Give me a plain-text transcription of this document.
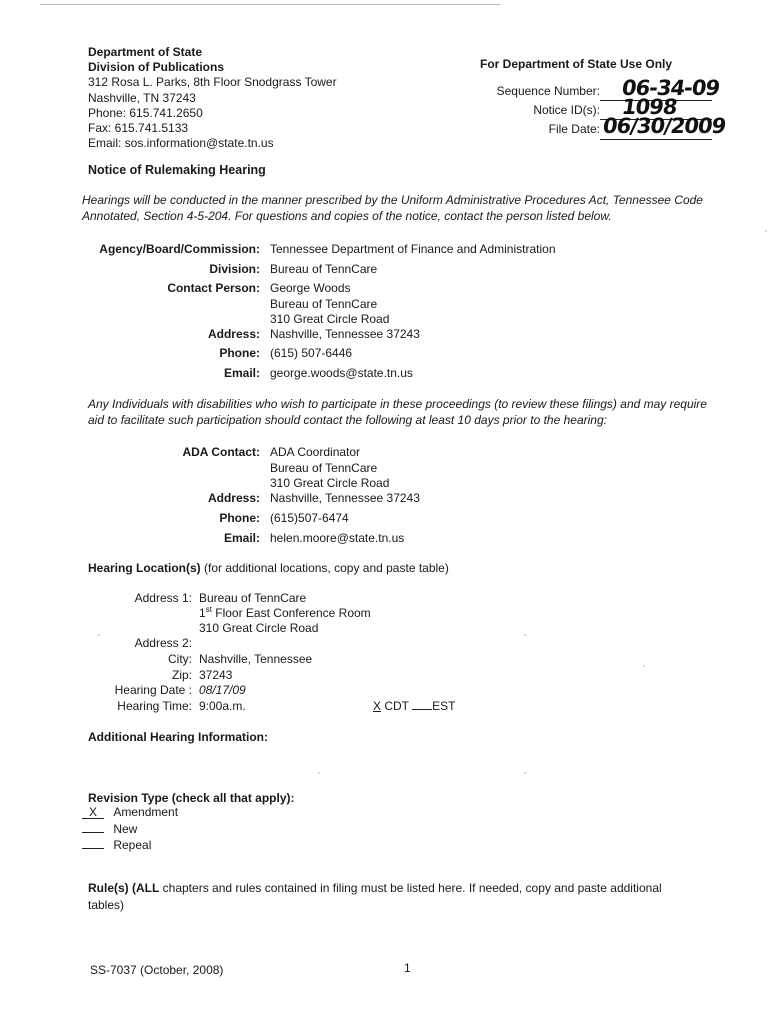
Department of State
Division of Publications
312 Rosa L. Parks, 8th Floor Snodgrass Tower
Nashville, TN 37243
Phone: 615.741.2650
Fax: 615.741.5133
Email: sos.information@state.tn.us
For Department of State Use Only
Sequence Number: 06-34-09
Notice ID(s): 1098
File Date: 06/30/2009
Notice of Rulemaking Hearing
Hearings will be conducted in the manner prescribed by the Uniform Administrative Procedures Act, Tennessee Code Annotated, Section 4-5-204. For questions and copies of the notice, contact the person listed below.
Agency/Board/Commission: Tennessee Department of Finance and Administration
Division: Bureau of TennCare
Contact Person: George Woods
Bureau of TennCare
310 Great Circle Road
Address: Nashville, Tennessee 37243
Phone: (615) 507-6446
Email: george.woods@state.tn.us
Any Individuals with disabilities who wish to participate in these proceedings (to review these filings) and may require aid to facilitate such participation should contact the following at least 10 days prior to the hearing:
ADA Contact: ADA Coordinator
Bureau of TennCare
310 Great Circle Road
Address: Nashville, Tennessee 37243
Phone: (615)507-6474
Email: helen.moore@state.tn.us
Hearing Location(s) (for additional locations, copy and paste table)
Address 1: Bureau of TennCare
1st Floor East Conference Room
310 Great Circle Road
Address 2:
City: Nashville, Tennessee
Zip: 37243
Hearing Date : 08/17/09
Hearing Time: 9:00a.m.	X CDT EST
Additional Hearing Information:
Revision Type (check all that apply):
X Amendment
New
Repeal
Rule(s) (ALL chapters and rules contained in filing must be listed here. If needed, copy and paste additional tables)
SS-7037 (October, 2008)	1
